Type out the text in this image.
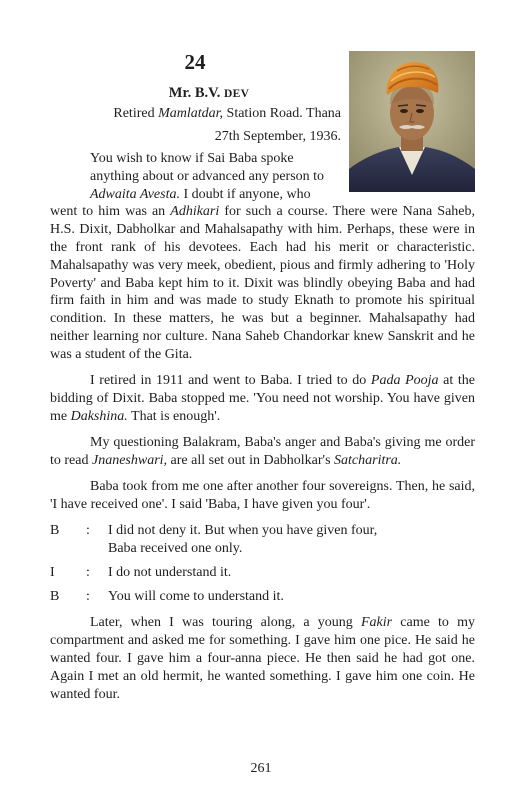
24
Mr. B.V. DEV
Retired Mamlatdar, Station Road. Thana
27th September, 1936.
You wish to know if Sai Baba spoke
anything about or advanced any person to
Adwaita Avesta. I doubt if anyone, who
went to him was an Adhikari for such a course. There were Nana Saheb, H.S. Dixit, Dabholkar and Mahalsapathy with him. Perhaps, these were in the front rank of his devotees. Each had his merit or characteristic. Mahalsapathy was very meek, obedient, pious and firmly adhering to 'Holy Poverty' and Baba kept him to it. Dixit was blindly obeying Baba and had firm faith in him and was made to study Eknath to promote his spiritual condition. In these matters, he was but a beginner. Mahalsapathy had neither learning nor culture. Nana Saheb Chandorkar knew Sanskrit and he was a student of the Gita.

I retired in 1911 and went to Baba. I tried to do Pada Pooja at the bidding of Dixit. Baba stopped me. 'You need not worship. You have given me Dakshina. That is enough'.

My questioning Balakram, Baba's anger and Baba's giving me order to read Jnaneshwari, are all set out in Dabholkar's Satcharitra.

Baba took from me one after another four sovereigns. Then, he said, 'I have received one'. I said 'Baba, I have given you four'.

B	:	I did not deny it. But when you have given four,
Baba received one only.
I	:	I do not understand it.
B	:	You will come to understand it.

Later, when I was touring along, a young Fakir came to my compartment and asked me for something. I gave him one pice. He said he wanted four. I gave him a four-anna piece. He then said he had got one. Again I met an old hermit, he wanted something. I gave him one coin. He wanted four.

261
